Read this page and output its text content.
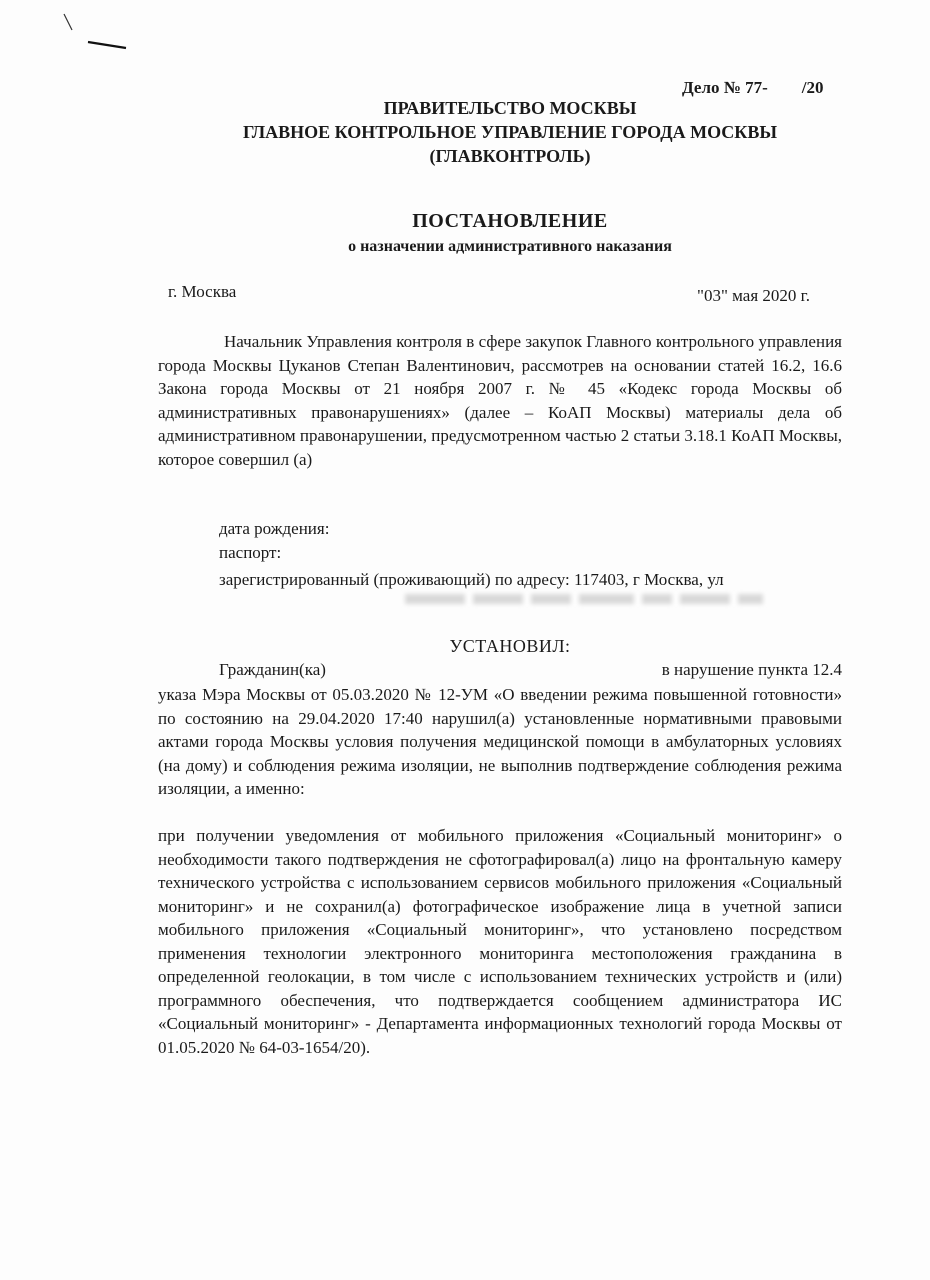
Дело № 77-        /20
ПРАВИТЕЛЬСТВО МОСКВЫ
ГЛАВНОЕ КОНТРОЛЬНОЕ УПРАВЛЕНИЕ ГОРОДА МОСКВЫ
(ГЛАВКОНТРОЛЬ)
ПОСТАНОВЛЕНИЕ
о назначении административного наказания
г. Москва	"03" мая 2020 г.

Начальник Управления контроля в сфере закупок Главного контрольного управления города Москвы Цуканов Степан Валентинович, рассмотрев на основании статей 16.2, 16.6 Закона города Москвы от 21 ноября 2007 г. № 45 «Кодекс города Москвы об административных правонарушениях» (далее – КоАП Москвы) материалы дела об административном правонарушении, предусмотренном частью 2 статьи 3.18.1 КоАП Москвы, которое совершил (а)

дата рождения:
паспорт:
зарегистрированный (проживающий) по адресу: 117403, г Москва, ул
УСТАНОВИЛ:
Гражданин(ка)	в нарушение пункта 12.4

указа Мэра Москвы от 05.03.2020 № 12-УМ «О введении режима повышенной готовности» по состоянию на 29.04.2020 17:40 нарушил(а) установленные нормативными правовыми актами города Москвы условия получения медицинской помощи в амбулаторных условиях (на дому) и соблюдения режима изоляции, не выполнив подтверждение соблюдения режима изоляции, а именно:

при получении уведомления от мобильного приложения «Социальный мониторинг» о необходимости такого подтверждения не сфотографировал(а) лицо на фронтальную камеру технического устройства с использованием сервисов мобильного приложения «Социальный мониторинг» и не сохранил(а) фотографическое изображение лица в учетной записи мобильного приложения «Социальный мониторинг», что установлено посредством применения технологии электронного мониторинга местоположения гражданина в определенной геолокации, в том числе с использованием технических устройств и (или) программного обеспечения, что подтверждается сообщением администратора ИС «Социальный мониторинг» - Департамента информационных технологий города Москвы от 01.05.2020 № 64-03-1654/20).
